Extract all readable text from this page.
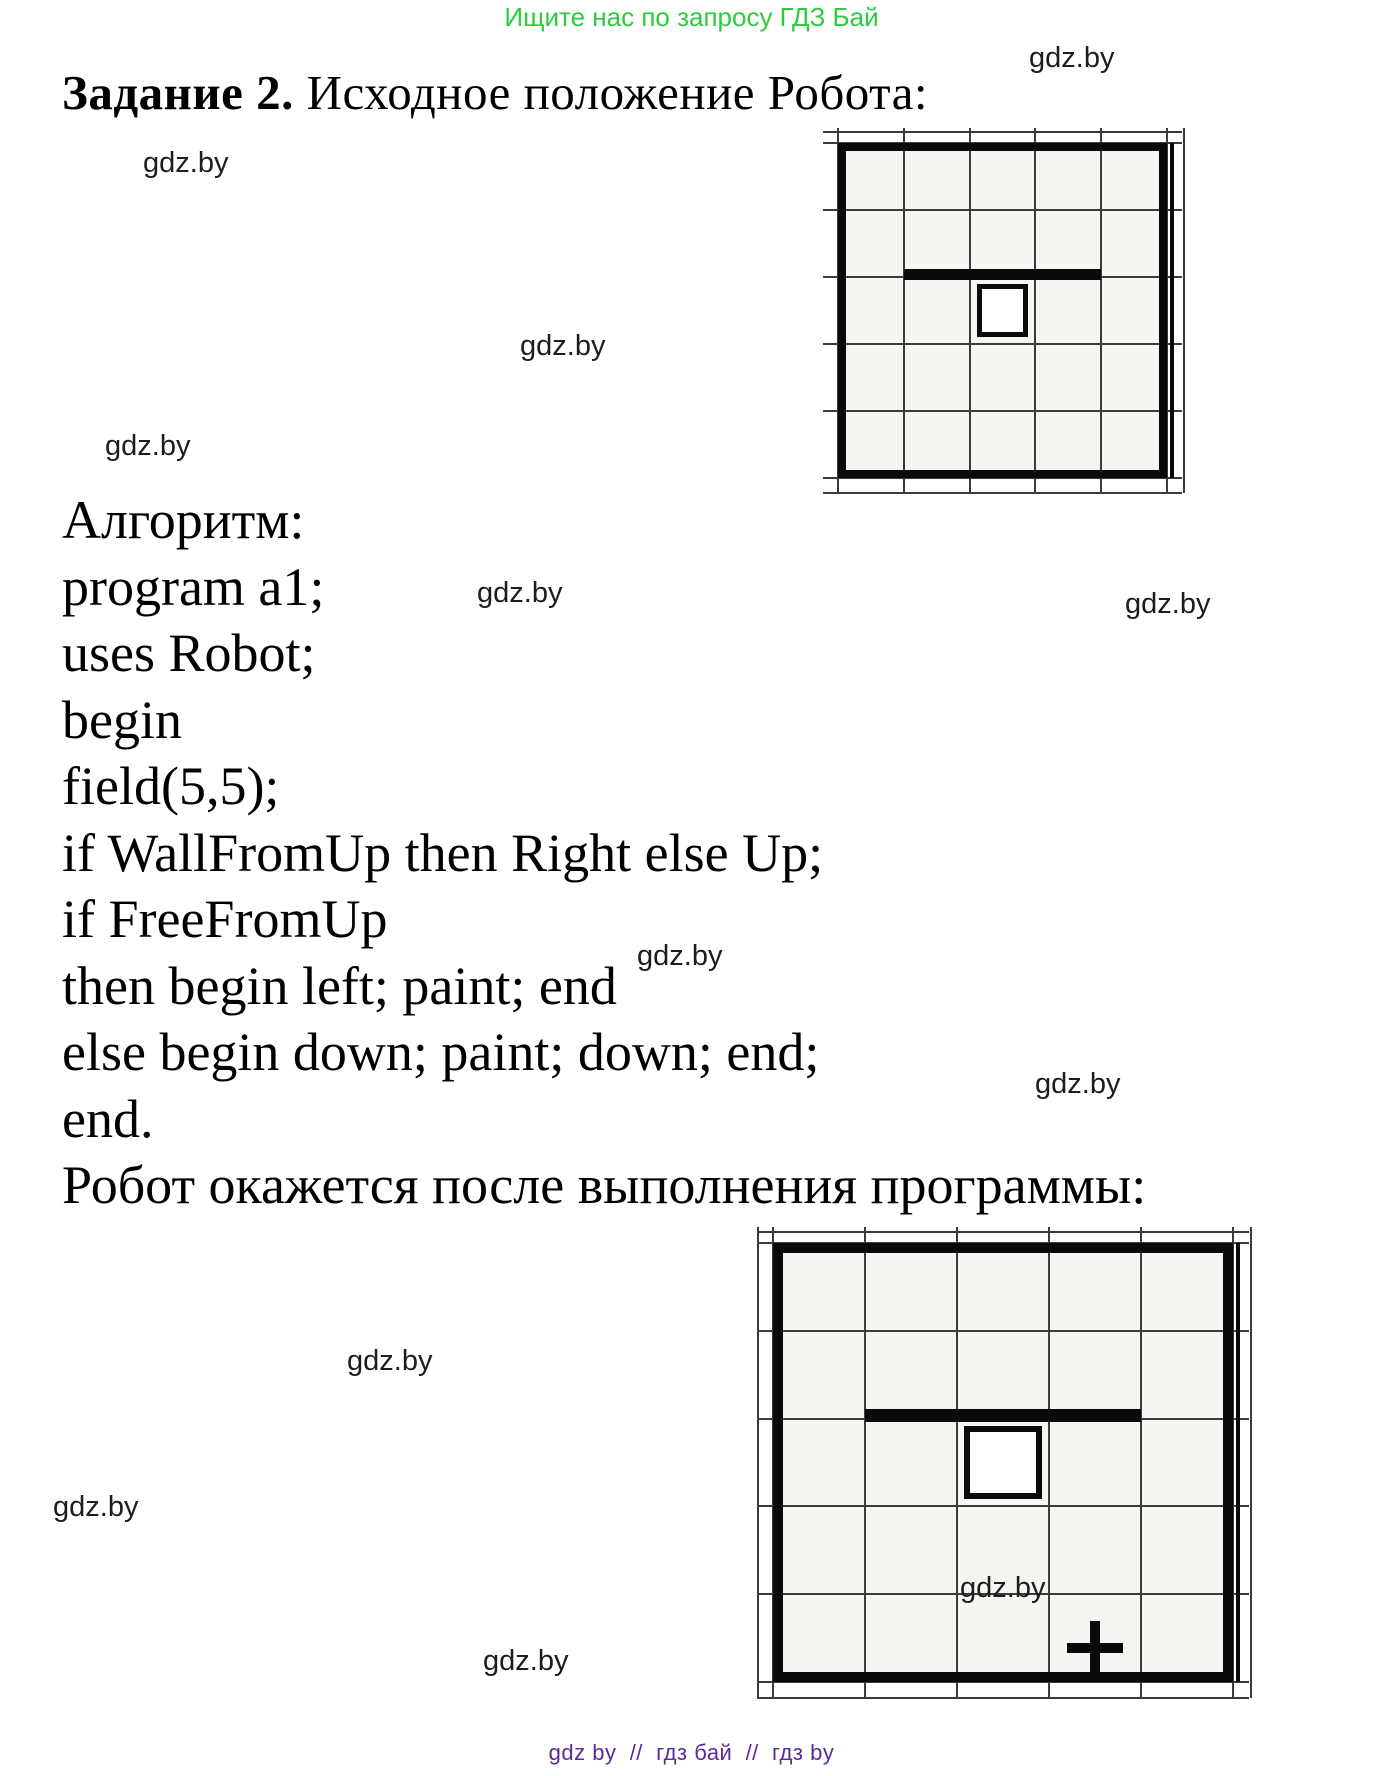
Ищите нас по запросу ГДЗ Бай
Задание 2. Исходное положение Робота:
Алгоритм:
program a1;
uses Robot;
begin
field(5,5);
if WallFromUp then Right else Up;
if FreeFromUp
then begin left; paint; end
else begin down; paint; down; end;
end.
Робот окажется после выполнения программы:
gdz.by
gdz.by
gdz.by
gdz.by
gdz.by	gdz.by
gdz.by
gdz.by
gdz.by
gdz.by
gdz.by
gdz.by
gdz by  //  гдз бай  //  гдз by
